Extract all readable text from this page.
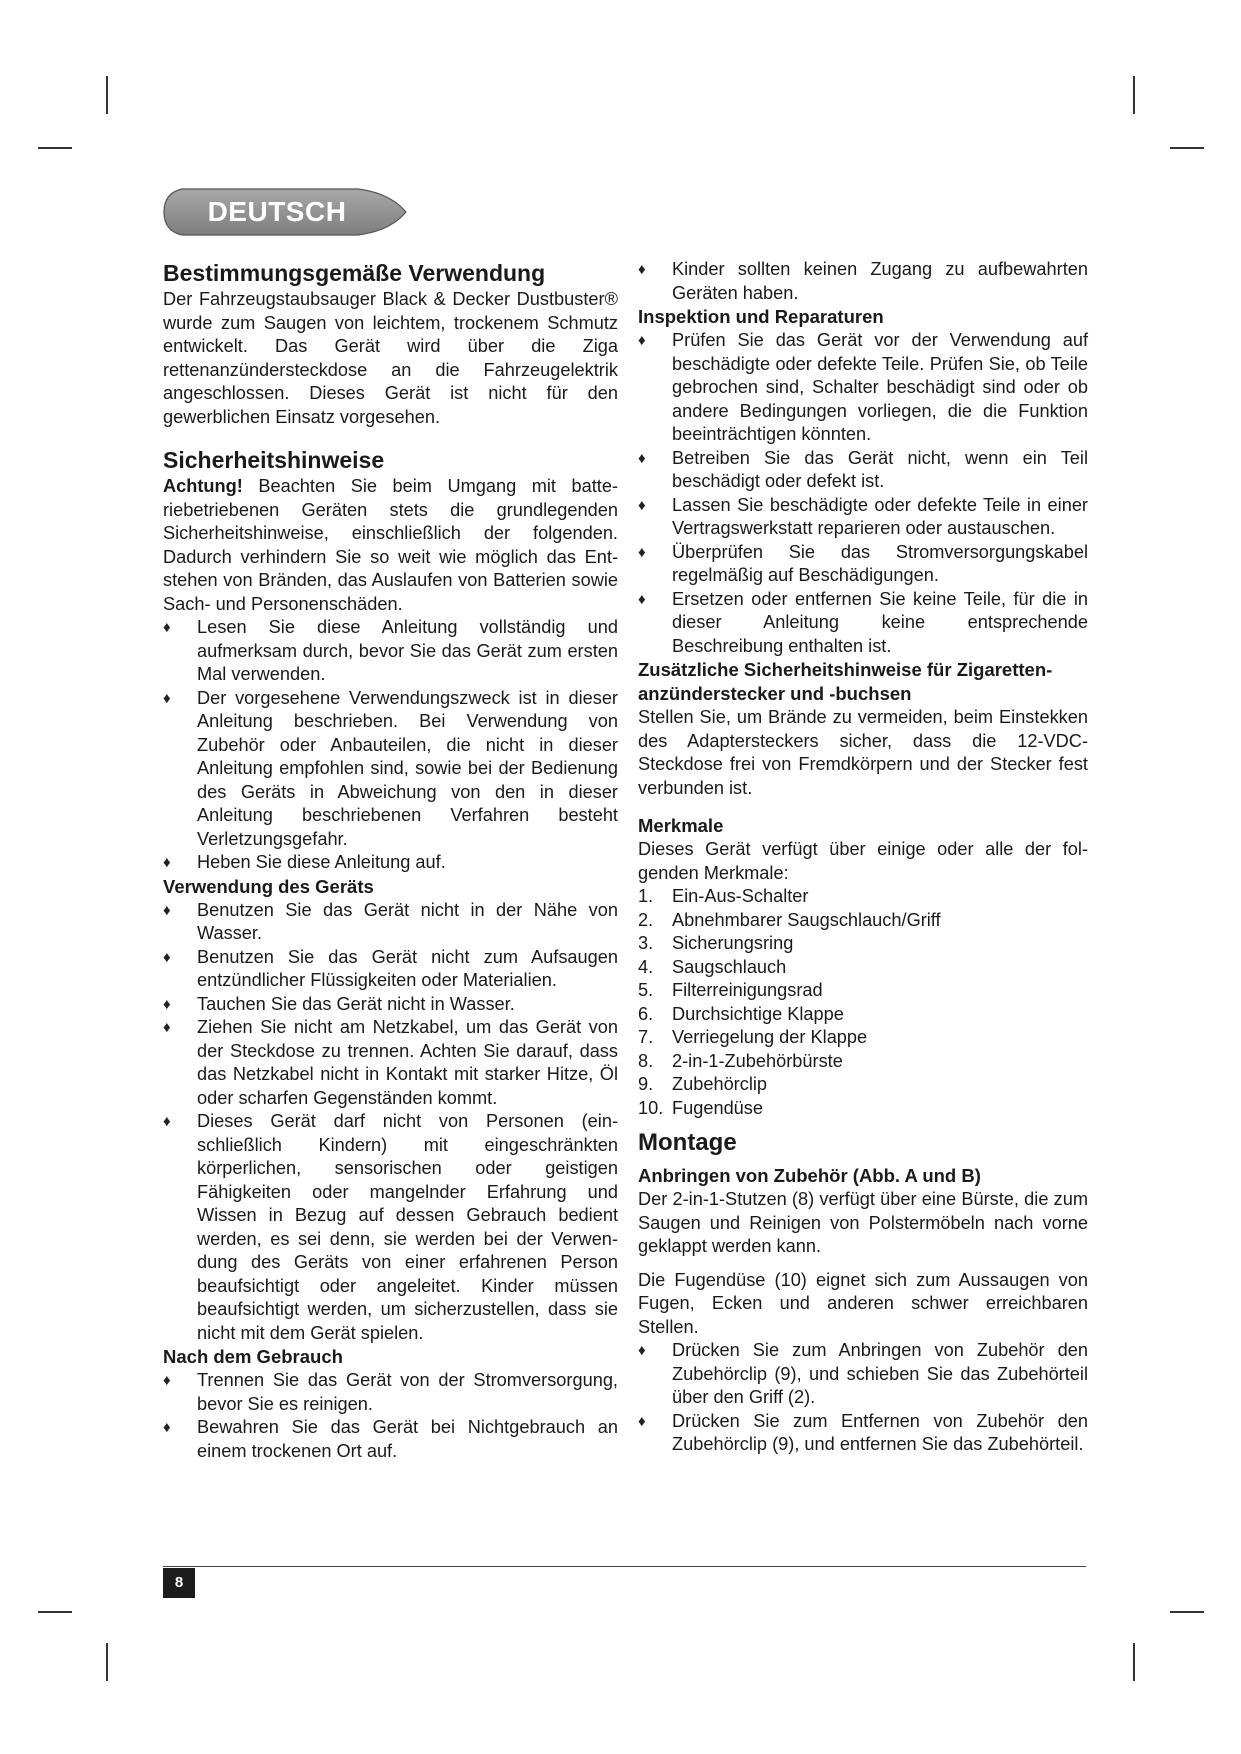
DEUTSCH
Bestimmungsgemäße Verwendung

Der Fahrzeugstaubsauger Black & Decker Dustbuster® wurde zum Saugen von leichtem, trockenem Schmutz entwickelt. Das Gerät wird über die Ziga rettenanzündersteckdose an die Fahrzeugelektrik angeschlossen. Dieses Gerät ist nicht für den gewerblichen Einsatz vorgesehen.

Sicherheitshinweise

Achtung! Beachten Sie beim Umgang mit batteriebetriebenen Geräten stets die grundlegenden Sicherheitshinweise, einschließlich der folgenden. Dadurch verhindern Sie so weit wie möglich das Entstehen von Bränden, das Auslaufen von Batterien sowie Sach- und Personenschäden.

♦ Lesen Sie diese Anleitung vollständig und aufmerksam durch, bevor Sie das Gerät zum ersten Mal verwenden.
♦ Der vorgesehene Verwendungszweck ist in dieser Anleitung beschrieben. Bei Verwendung von Zubehör oder Anbauteilen, die nicht in dieser Anleitung empfohlen sind, sowie bei der Bedienung des Geräts in Abweichung von den in dieser Anleitung beschriebenen Verfahren besteht Verletzungsgefahr.
♦ Heben Sie diese Anleitung auf.
Verwendung des Geräts
♦ Benutzen Sie das Gerät nicht in der Nähe von Wasser.
♦ Benutzen Sie das Gerät nicht zum Aufsaugen entzündlicher Flüssigkeiten oder Materialien.
♦ Tauchen Sie das Gerät nicht in Wasser.
♦ Ziehen Sie nicht am Netzkabel, um das Gerät von der Steckdose zu trennen. Achten Sie darauf, dass das Netzkabel nicht in Kontakt mit starker Hitze, Öl oder scharfen Gegenständen kommt.
♦ Dieses Gerät darf nicht von Personen (einschließlich Kindern) mit eingeschränkten körperlichen, sensorischen oder geistigen Fähigkeiten oder mangelnder Erfahrung und Wissen in Bezug auf dessen Gebrauch bedient werden, es sei denn, sie werden bei der Verwendung des Geräts von einer erfahrenen Person beaufsichtigt oder angeleitet. Kinder müssen beaufsichtigt werden, um sicherzustellen, dass sie nicht mit dem Gerät spielen.
Nach dem Gebrauch
♦ Trennen Sie das Gerät von der Stromversorgung, bevor Sie es reinigen.
♦ Bewahren Sie das Gerät bei Nichtgebrauch an einem trockenen Ort auf.
♦ Kinder sollten keinen Zugang zu aufbewahrten Geräten haben.
Inspektion und Reparaturen
♦ Prüfen Sie das Gerät vor der Verwendung auf beschädigte oder defekte Teile. Prüfen Sie, ob Teile gebrochen sind, Schalter beschädigt sind oder ob andere Bedingungen vorliegen, die die Funktion beeinträchtigen könnten.
♦ Betreiben Sie das Gerät nicht, wenn ein Teil beschädigt oder defekt ist.
♦ Lassen Sie beschädigte oder defekte Teile in einer Vertragswerkstatt reparieren oder austauschen.
♦ Überprüfen Sie das Stromversorgungskabel regelmäßig auf Beschädigungen.
♦ Ersetzen oder entfernen Sie keine Teile, für die in dieser Anleitung keine entsprechende Beschreibung enthalten ist.
Zusätzliche Sicherheitshinweise für Zigarettenanzünderstecker und -buchsen

Stellen Sie, um Brände zu vermeiden, beim Einstekken des Adaptersteckers sicher, dass die 12-VDC-Steckdose frei von Fremdkörpern und der Stecker fest verbunden ist.

Merkmale

Dieses Gerät verfügt über einige oder alle der folgenden Merkmale:

1. Ein-Aus-Schalter
2. Abnehmbarer Saugschlauch/Griff
3. Sicherungsring
4. Saugschlauch
5. Filterreinigungsrad
6. Durchsichtige Klappe
7. Verriegelung der Klappe
8. 2-in-1-Zubehörbürste
9. Zubehörclip
10. Fugendüse
Montage
Anbringen von Zubehör (Abb. A und B)

Der 2-in-1-Stutzen (8) verfügt über eine Bürste, die zum Saugen und Reinigen von Polstermöbeln nach vorne geklappt werden kann.

Die Fugendüse (10) eignet sich zum Aussaugen von Fugen, Ecken und anderen schwer erreichbaren Stellen.

♦ Drücken Sie zum Anbringen von Zubehör den Zubehörclip (9), und schieben Sie das Zubehörteil über den Griff (2).
♦ Drücken Sie zum Entfernen von Zubehör den Zubehörclip (9), und entfernen Sie das Zubehörteil.
8
